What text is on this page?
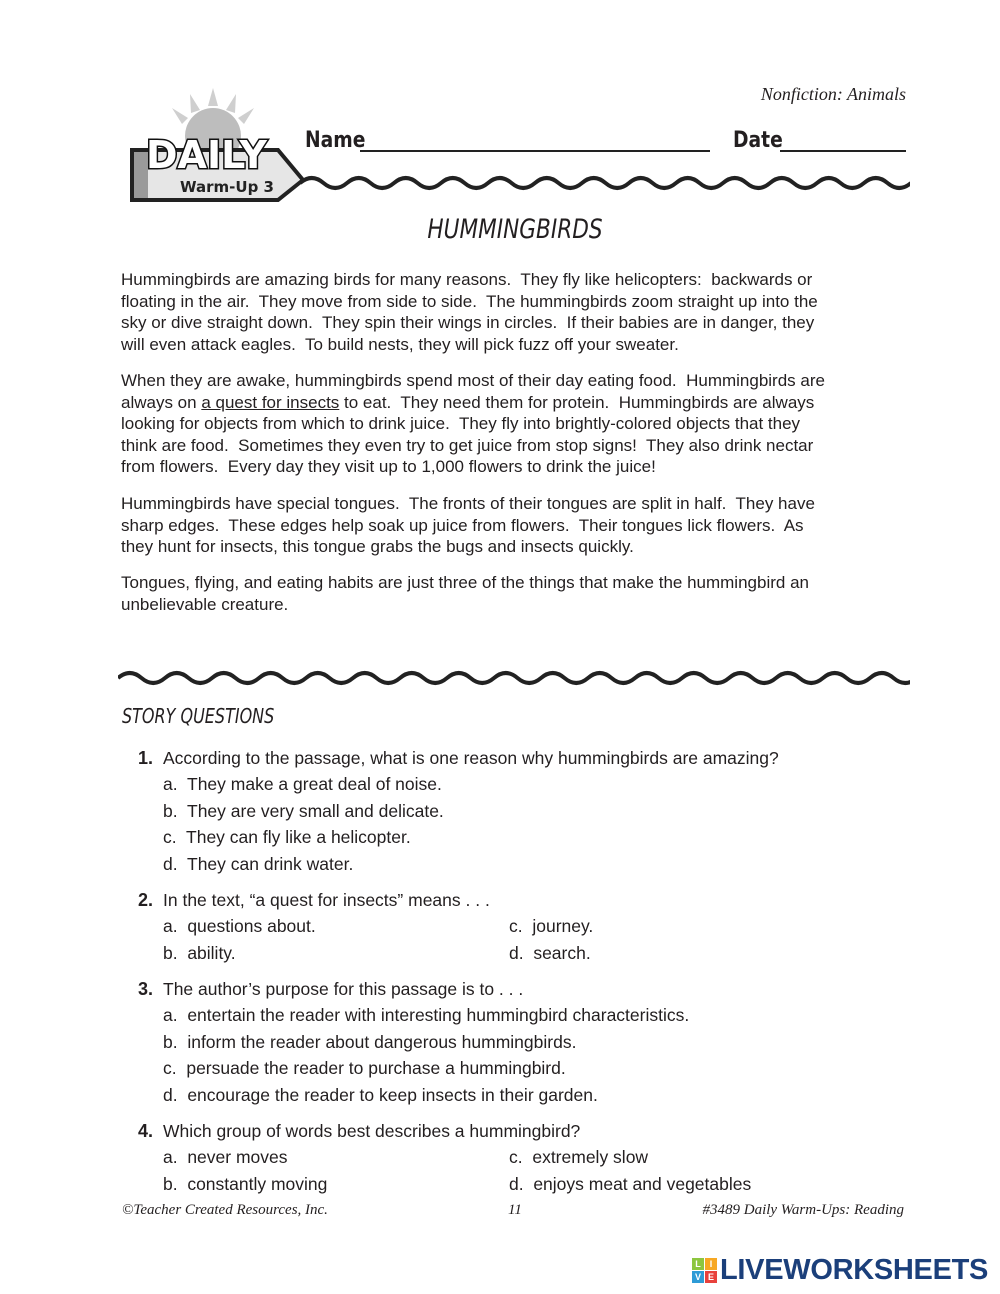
Nonfiction: Animals
DAILY
Warm-Up 3
Name	Date
HUMMINGBIRDS
Hummingbirds are amazing birds for many reasons.  They fly like helicopters:  backwards or
floating in the air.  They move from side to side.  The hummingbirds zoom straight up into the
sky or dive straight down.  They spin their wings in circles.  If their babies are in danger, they
will even attack eagles.  To build nests, they will pick fuzz off your sweater.
When they are awake, hummingbirds spend most of their day eating food.  Hummingbirds are
always on a quest for insects to eat.  They need them for protein.  Hummingbirds are always
looking for objects from which to drink juice.  They fly into brightly-colored objects that they
think are food.  Sometimes they even try to get juice from stop signs!  They also drink nectar
from flowers.  Every day they visit up to 1,000 flowers to drink the juice!
Hummingbirds have special tongues.  The fronts of their tongues are split in half.  They have
sharp edges.  These edges help soak up juice from flowers.  Their tongues lick flowers.  As
they hunt for insects, this tongue grabs the bugs and insects quickly.
Tongues, flying, and eating habits are just three of the things that make the hummingbird an
unbelievable creature.
STORY QUESTIONS
1. According to the passage, what is one reason why hummingbirds are amazing?
a.  They make a great deal of noise.
b.  They are very small and delicate.
c.  They can fly like a helicopter.
d.  They can drink water.
2. In the text, “a quest for insects” means . . .
a.  questions about.	c.  journey.
b.  ability.	d.  search.
3. The author’s purpose for this passage is to . . .
a.  entertain the reader with interesting hummingbird characteristics.
b.  inform the reader about dangerous hummingbirds.
c.  persuade the reader to purchase a hummingbird.
d.  encourage the reader to keep insects in their garden.
4. Which group of words best describes a hummingbird?
a.  never moves	c.  extremely slow
b.  constantly moving	d.  enjoys meat and vegetables
©Teacher Created Resources, Inc.	11	#3489 Daily Warm-Ups: Reading
L I
V E LIVEWORKSHEETS
